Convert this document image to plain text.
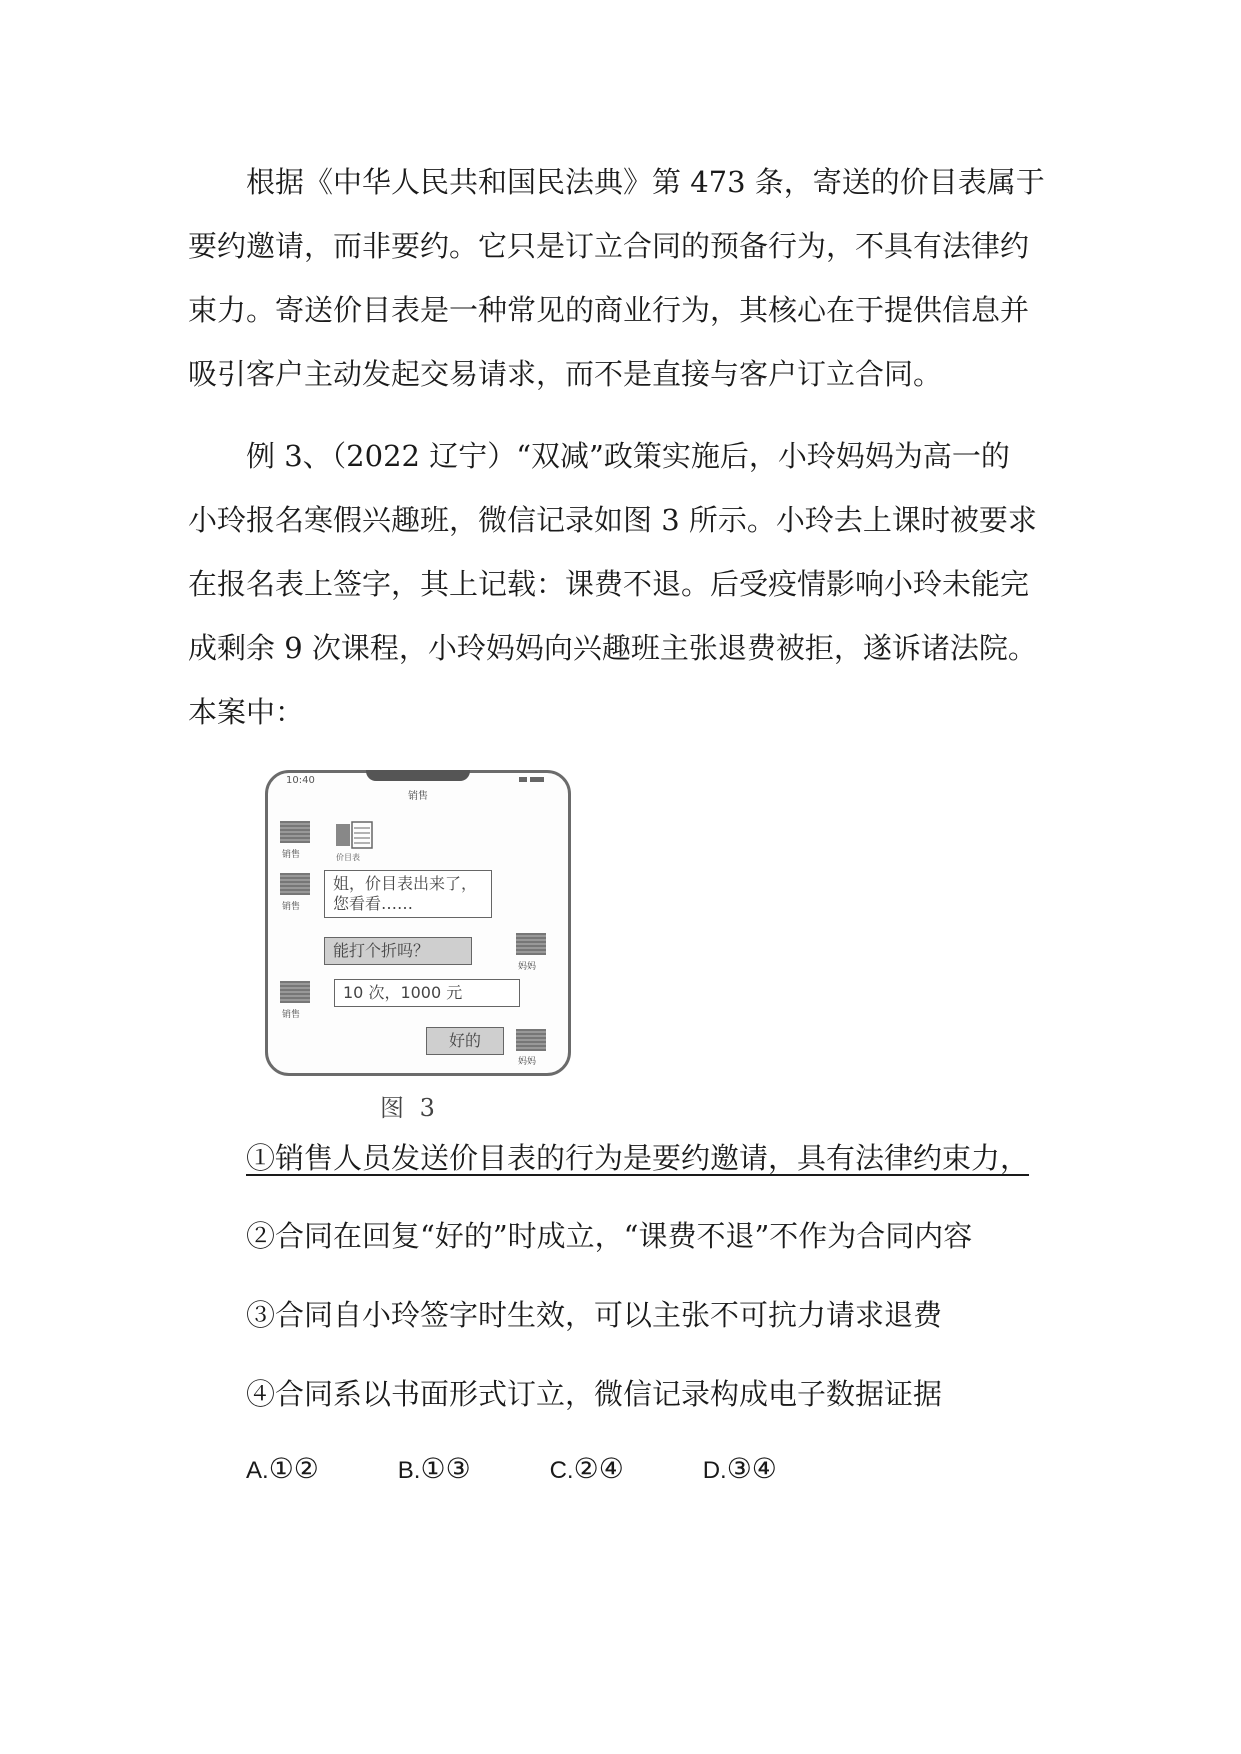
根据《中华人民共和国民法典》第 473 条，寄送的价目表属于
要约邀请，而非要约。它只是订立合同的预备行为，不具有法律约
束力。寄送价目表是一种常见的商业行为，其核心在于提供信息并
吸引客户主动发起交易请求，而不是直接与客户订立合同。
例 3、（2022 辽宁）“双减”政策实施后，小玲妈妈为高一的
小玲报名寒假兴趣班，微信记录如图 3 所示。小玲去上课时被要求
在报名表上签字，其上记载：课费不退。后受疫情影响小玲未能完
成剩余 9 次课程，小玲妈妈向兴趣班主张退费被拒，遂诉诸法院。
本案中：
10:40
销售
销售	价目表
销售
姐，价目表出来了，您看看……
能打个折吗？
妈妈
销售
10 次，1000 元
好的
妈妈
图 3
①销售人员发送价目表的行为是要约邀请，具有法律约束力，
②合同在回复“好的”时成立，“课费不退”不作为合同内容
③合同自小玲签字时生效，可以主张不可抗力请求退费
④合同系以书面形式订立，微信记录构成电子数据证据
A.①②	B.①③	C.②④	D.③④
